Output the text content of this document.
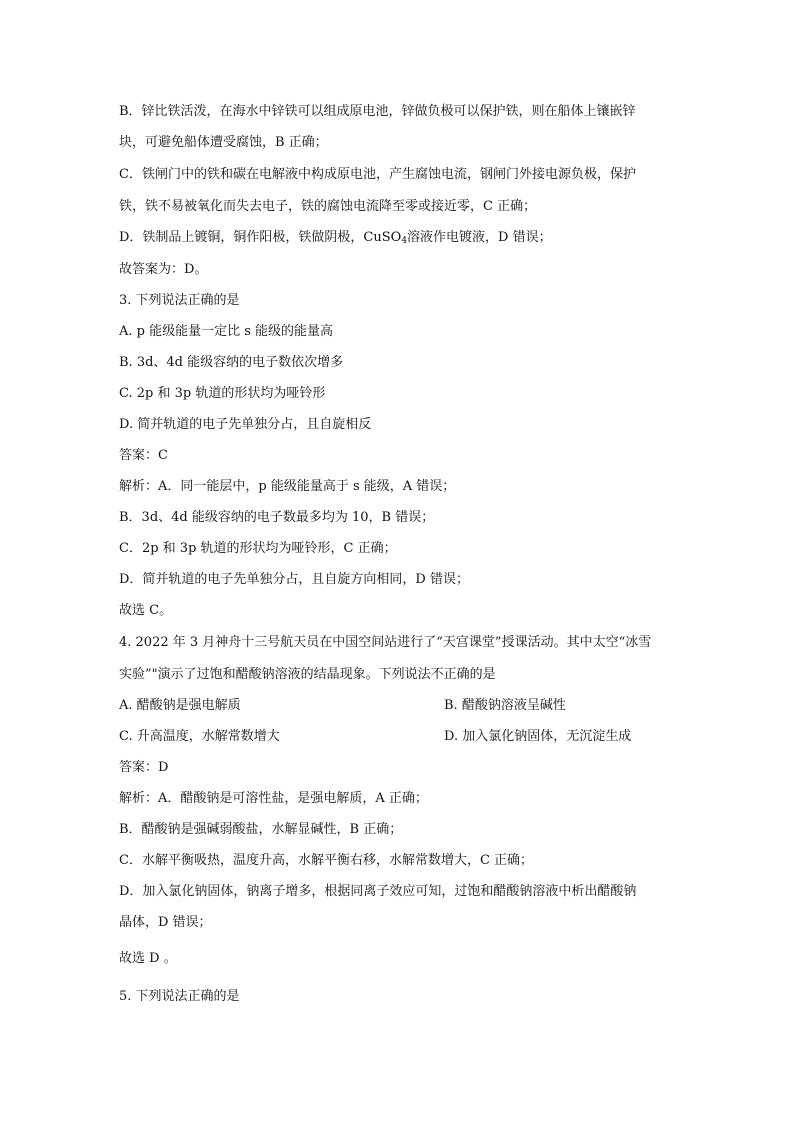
B．锌比铁活泼，在海水中锌铁可以组成原电池，锌做负极可以保护铁，则在船体上镶嵌锌
块，可避免船体遭受腐蚀，B 正确；
C．铁闸门中的铁和碳在电解液中构成原电池，产生腐蚀电流，钢闸门外接电源负极，保护
铁，铁不易被氧化而失去电子，铁的腐蚀电流降至零或接近零，C 正确；
D．铁制品上镀铜，铜作阳极，铁做阴极，CuSO$_4$溶液作电镀液，D 错误；
故答案为：D。
3. 下列说法正确的是
A. p 能级能量一定比 s 能级的能量高
B. 3d、4d 能级容纳的电子数依次增多
C. 2p 和 3p 轨道的形状均为哑铃形
D. 简并轨道的电子先单独分占，且自旋相反
答案：C
解析：A．同一能层中，p 能级能量高于 s 能级，A 错误；
B．3d、4d 能级容纳的电子数最多均为 10，B 错误；
C．2p 和 3p 轨道的形状均为哑铃形，C 正确；
D．简并轨道的电子先单独分占，且自旋方向相同，D 错误；
故选 C。
4. 2022 年 3 月神舟十三号航天员在中国空间站进行了“天宫课堂”授课活动。其中太空“冰雪
实验”"演示了过饱和醋酸钠溶液的结晶现象。下列说法不正确的是
A. 醋酸钠是强电解质	B. 醋酸钠溶液呈碱性
C. 升高温度，水解常数增大	D. 加入氯化钠固体，无沉淀生成
答案：D
解析：A．醋酸钠是可溶性盐，是强电解质，A 正确；
B．醋酸钠是强碱弱酸盐，水解显碱性，B 正确；
C．水解平衡吸热，温度升高，水解平衡右移，水解常数增大，C 正确；
D．加入氯化钠固体，钠离子增多，根据同离子效应可知，过饱和醋酸钠溶液中析出醋酸钠
晶体，D 错误；
故选 D 。
5. 下列说法正确的是
